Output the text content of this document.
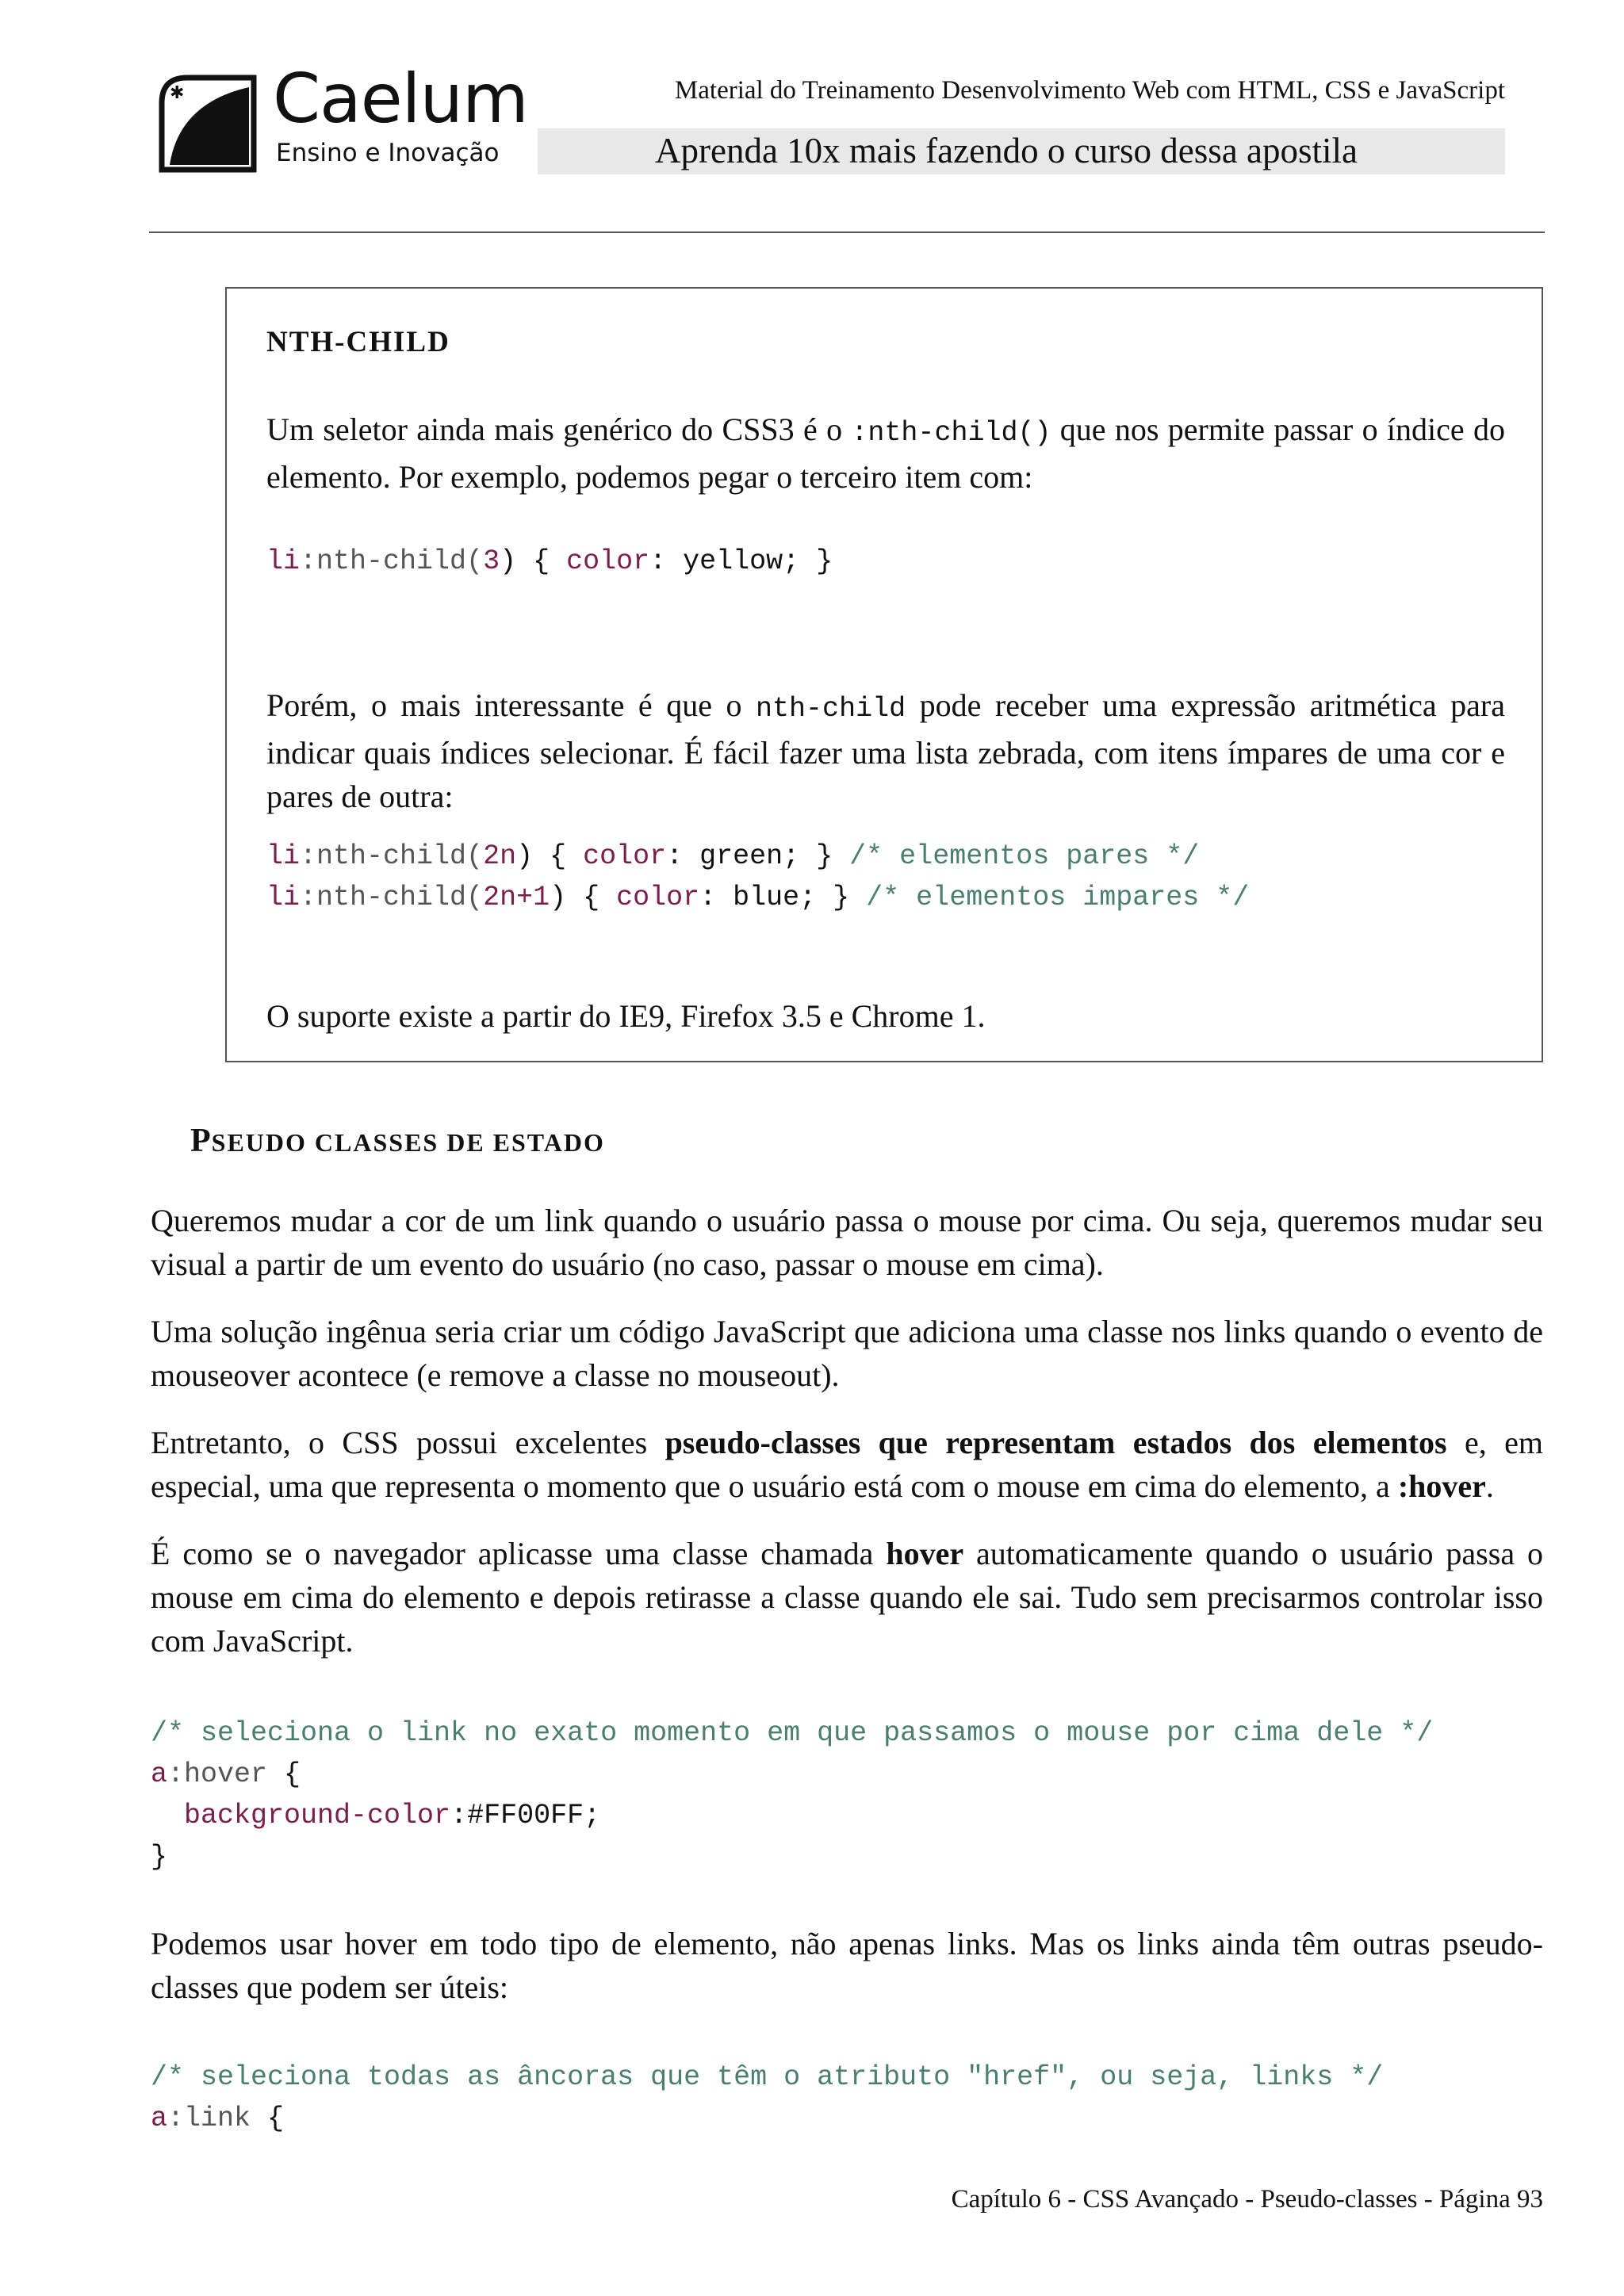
✱ Caelum
Ensino e Inovação
Material do Treinamento Desenvolvimento Web com HTML, CSS e JavaScript
Aprenda 10x mais fazendo o curso dessa apostila
NTH-CHILD

Um seletor ainda mais genérico do CSS3 é o :nth-child() que nos permite passar o índice do elemento. Por exemplo, podemos pegar o terceiro item com:

li:nth-child(3) { color: yellow; }

Porém, o mais interessante é que o nth-child pode receber uma expressão aritmética para indicar quais índices selecionar. É fácil fazer uma lista zebrada, com itens ímpares de uma cor e pares de outra:

li:nth-child(2n) { color: green; } /* elementos pares */
li:nth-child(2n+1) { color: blue; } /* elementos impares */

O suporte existe a partir do IE9, Firefox 3.5 e Chrome 1.

PSEUDO CLASSES DE ESTADO

Queremos mudar a cor de um link quando o usuário passa o mouse por cima. Ou seja, queremos mudar seu visual a partir de um evento do usuário (no caso, passar o mouse em cima).

Uma solução ingênua seria criar um código JavaScript que adiciona uma classe nos links quando o evento de mouseover acontece (e remove a classe no mouseout).

Entretanto, o CSS possui excelentes pseudo-classes que representam estados dos elementos e, em especial, uma que representa o momento que o usuário está com o mouse em cima do elemento, a :hover.

É como se o navegador aplicasse uma classe chamada hover automaticamente quando o usuário passa o mouse em cima do elemento e depois retirasse a classe quando ele sai. Tudo sem precisarmos controlar isso com JavaScript.

/* seleciona o link no exato momento em que passamos o mouse por cima dele */
a:hover {
background-color:#FF00FF;
}

Podemos usar hover em todo tipo de elemento, não apenas links. Mas os links ainda têm outras pseudo-classes que podem ser úteis:

/* seleciona todas as âncoras que têm o atributo "href", ou seja, links */
a:link {
Capítulo 6 - CSS Avançado - Pseudo-classes - Página 93
